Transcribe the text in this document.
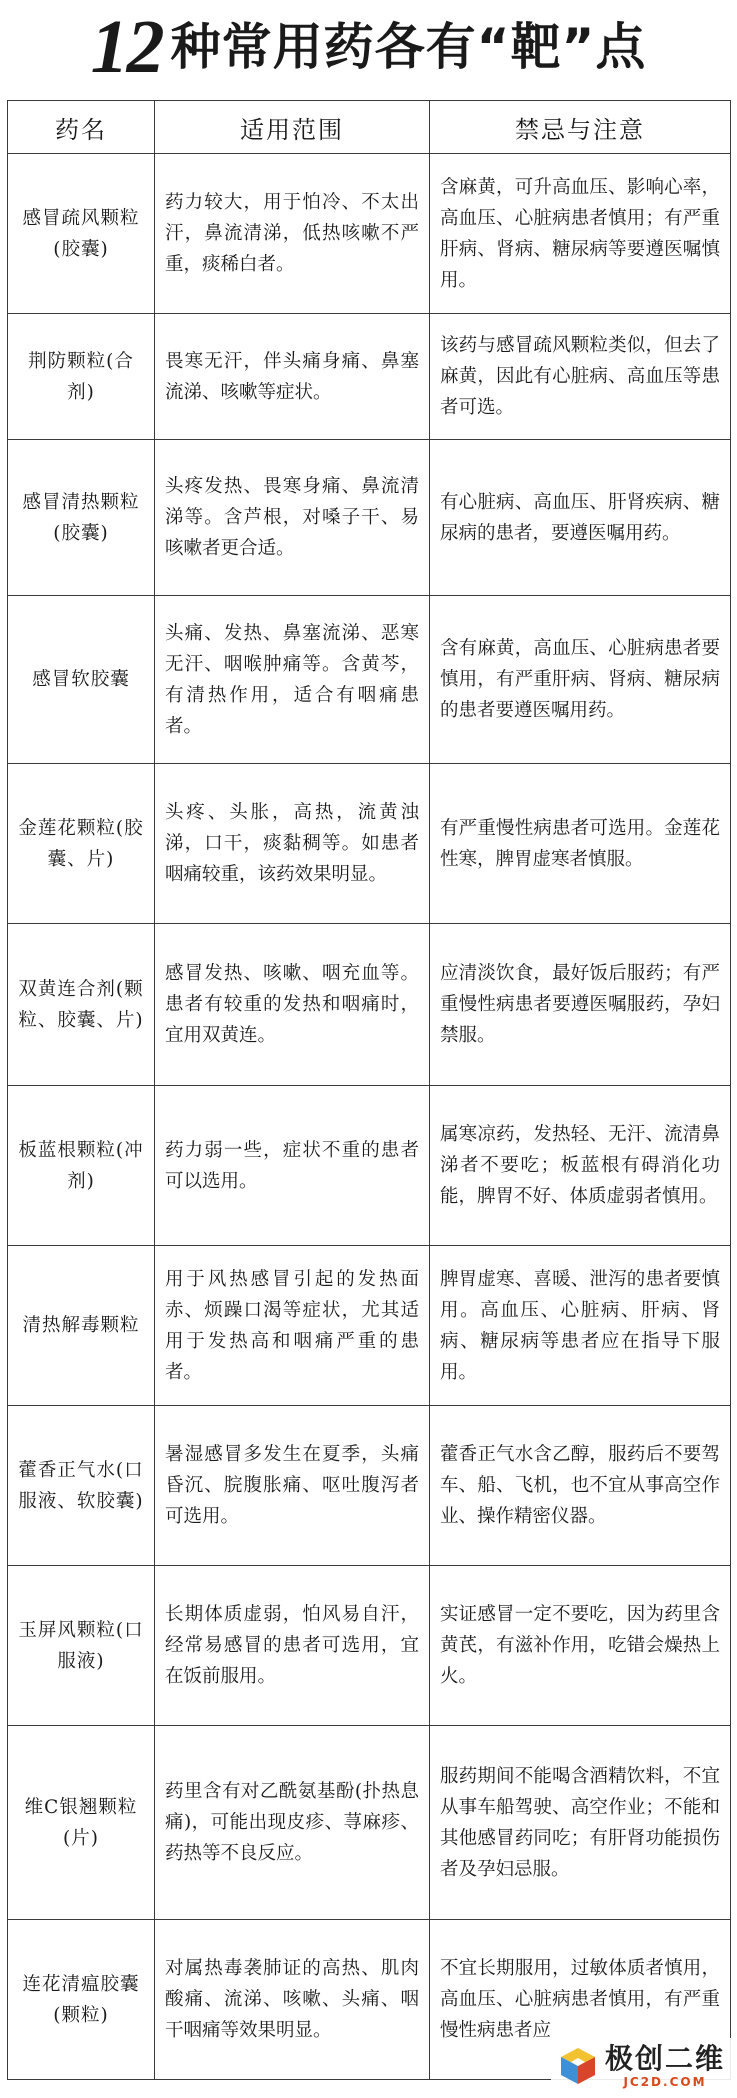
12 种常用药各有“靶”点
药名	适用范围	禁忌与注意
感冒疏风颗粒(胶囊)	药力较大，用于怕冷、不太出汗，鼻流清涕，低热咳嗽不严重，痰稀白者。	含麻黄，可升高血压、影响心率，高血压、心脏病患者慎用；有严重肝病、肾病、糖尿病等要遵医嘱慎用。
荆防颗粒(合剂)	畏寒无汗，伴头痛身痛、鼻塞流涕、咳嗽等症状。	该药与感冒疏风颗粒类似，但去了麻黄，因此有心脏病、高血压等患者可选。
感冒清热颗粒(胶囊)	头疼发热、畏寒身痛、鼻流清涕等。含芦根，对嗓子干、易咳嗽者更合适。	有心脏病、高血压、肝肾疾病、糖尿病的患者，要遵医嘱用药。
感冒软胶囊	头痛、发热、鼻塞流涕、恶寒无汗、咽喉肿痛等。含黄芩，有清热作用，适合有咽痛患者。	含有麻黄，高血压、心脏病患者要慎用，有严重肝病、肾病、糖尿病的患者要遵医嘱用药。
金莲花颗粒(胶囊、片)	头疼、头胀，高热，流黄浊涕，口干，痰黏稠等。如患者咽痛较重，该药效果明显。	有严重慢性病患者可选用。金莲花性寒，脾胃虚寒者慎服。
双黄连合剂(颗粒、胶囊、片)	感冒发热、咳嗽、咽充血等。患者有较重的发热和咽痛时，宜用双黄连。	应清淡饮食，最好饭后服药；有严重慢性病患者要遵医嘱服药，孕妇禁服。
板蓝根颗粒(冲剂)	药力弱一些，症状不重的患者可以选用。	属寒凉药，发热轻、无汗、流清鼻涕者不要吃；板蓝根有碍消化功能，脾胃不好、体质虚弱者慎用。
清热解毒颗粒	用于风热感冒引起的发热面赤、烦躁口渴等症状，尤其适用于发热高和咽痛严重的患者。	脾胃虚寒、喜暖、泄泻的患者要慎用。高血压、心脏病、肝病、肾病、糖尿病等患者应在指导下服用。
藿香正气水(口服液、软胶囊)	暑湿感冒多发生在夏季，头痛昏沉、脘腹胀痛、呕吐腹泻者可选用。	藿香正气水含乙醇，服药后不要驾车、船、飞机，也不宜从事高空作业、操作精密仪器。
玉屏风颗粒(口服液)	长期体质虚弱，怕风易自汗，经常易感冒的患者可选用，宜在饭前服用。	实证感冒一定不要吃，因为药里含黄芪，有滋补作用，吃错会燥热上火。
维C银翘颗粒(片)	药里含有对乙酰氨基酚(扑热息痛)，可能出现皮疹、荨麻疹、药热等不良反应。	服药期间不能喝含酒精饮料，不宜从事车船驾驶、高空作业；不能和其他感冒药同吃；有肝肾功能损伤者及孕妇忌服。
连花清瘟胶囊(颗粒)	对属热毒袭肺证的高热、肌肉酸痛、流涕、咳嗽、头痛、咽干咽痛等效果明显。	不宜长期服用，过敏体质者慎用，高血压、心脏病患者慎用，有严重慢性病患者应
极创二维
JC2D.COM
